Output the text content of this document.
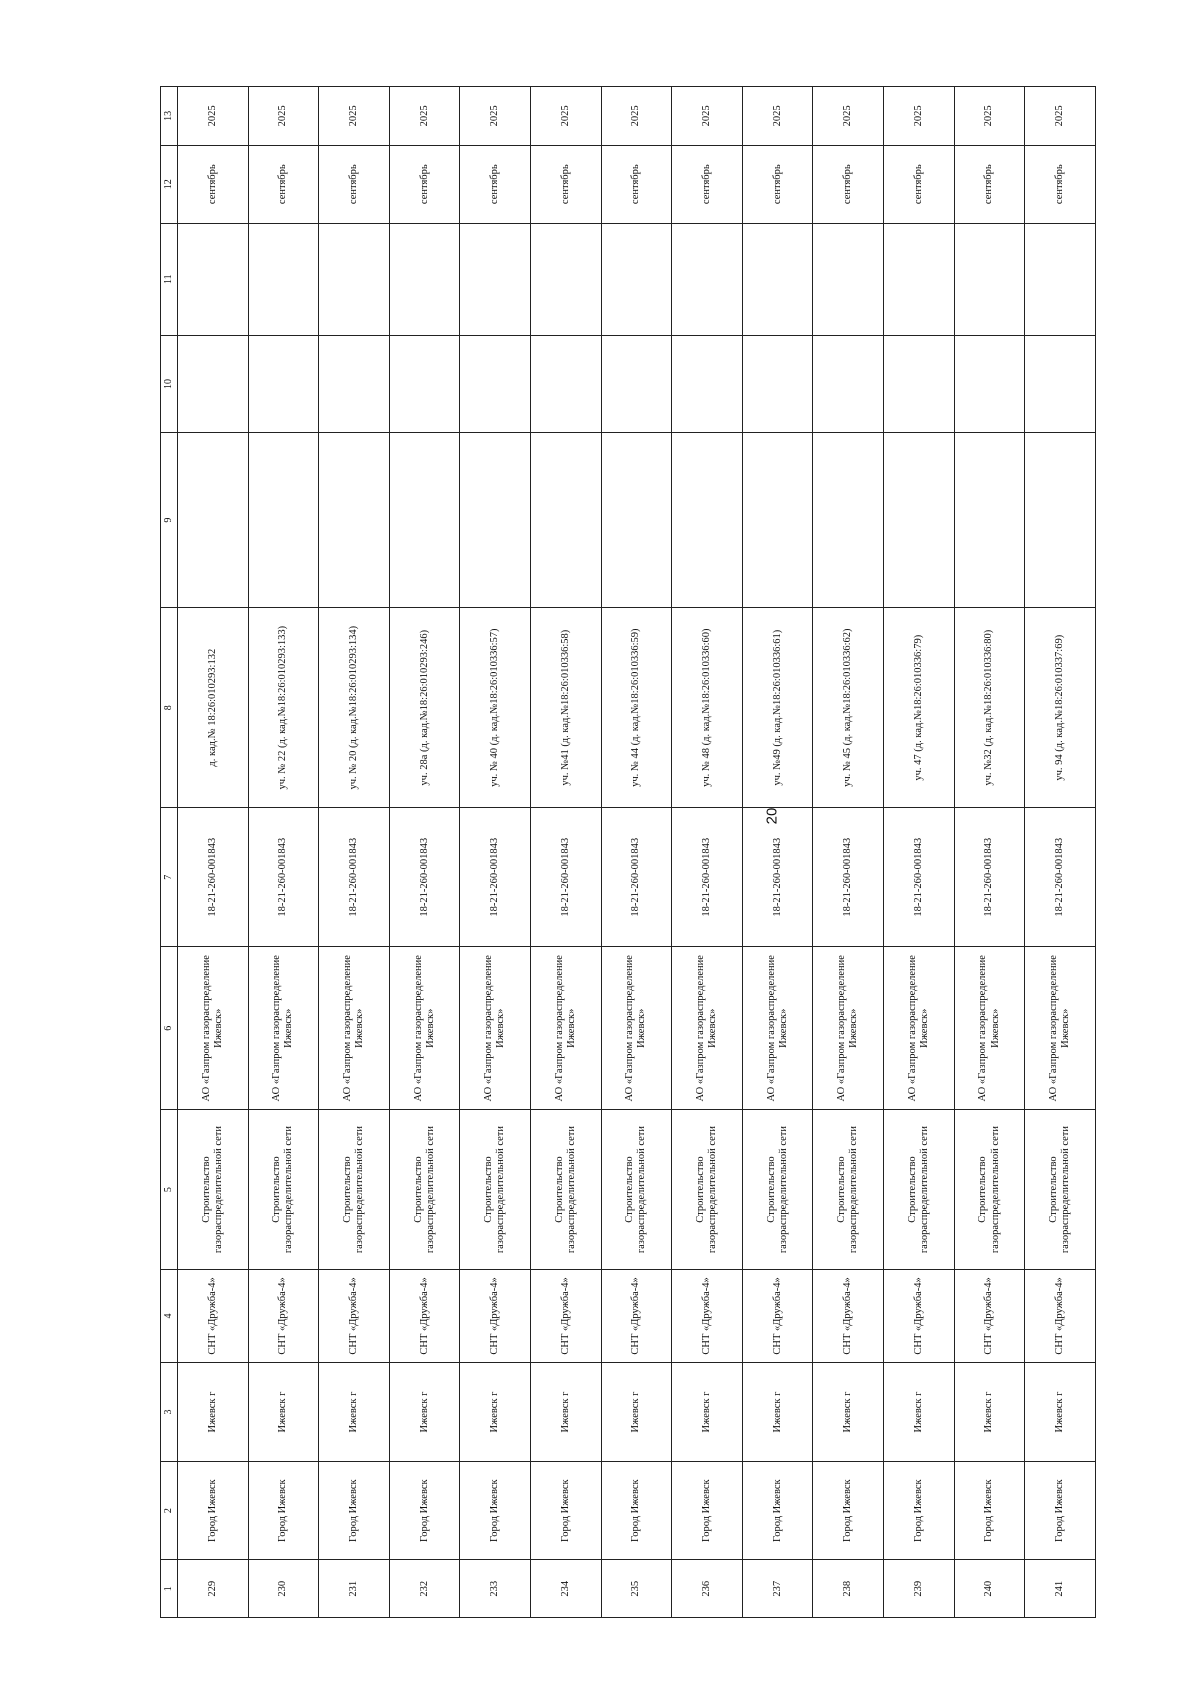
20
1	2	3	4	5	6	7	8	9	10	11	12	13
229	Город Ижевск	Ижевск г	СНТ «Дружба-4»	Строительство газораспределительной сети	АО «Газпром газораспределение Ижевск»	18-21-260-001843	д. кад.№ 18:26:010293:132				сентябрь	2025
230	Город Ижевск	Ижевск г	СНТ «Дружба-4»	Строительство газораспределительной сети	АО «Газпром газораспределение Ижевск»	18-21-260-001843	уч. № 22 (д. кад.№18:26:010293:133)				сентябрь	2025
231	Город Ижевск	Ижевск г	СНТ «Дружба-4»	Строительство газораспределительной сети	АО «Газпром газораспределение Ижевск»	18-21-260-001843	уч. № 20 (д. кад.№18:26:010293:134)				сентябрь	2025
232	Город Ижевск	Ижевск г	СНТ «Дружба-4»	Строительство газораспределительной сети	АО «Газпром газораспределение Ижевск»	18-21-260-001843	уч. 28а (д. кад.№18:26:010293:246)				сентябрь	2025
233	Город Ижевск	Ижевск г	СНТ «Дружба-4»	Строительство газораспределительной сети	АО «Газпром газораспределение Ижевск»	18-21-260-001843	уч. № 40 (д. кад.№18:26:010336:57)				сентябрь	2025
234	Город Ижевск	Ижевск г	СНТ «Дружба-4»	Строительство газораспределительной сети	АО «Газпром газораспределение Ижевск»	18-21-260-001843	уч. №41 (д. кад.№18:26:010336:58)				сентябрь	2025
235	Город Ижевск	Ижевск г	СНТ «Дружба-4»	Строительство газораспределительной сети	АО «Газпром газораспределение Ижевск»	18-21-260-001843	уч. № 44 (д. кад.№18:26:010336:59)				сентябрь	2025
236	Город Ижевск	Ижевск г	СНТ «Дружба-4»	Строительство газораспределительной сети	АО «Газпром газораспределение Ижевск»	18-21-260-001843	уч. № 48 (д. кад.№18:26:010336:60)				сентябрь	2025
237	Город Ижевск	Ижевск г	СНТ «Дружба-4»	Строительство газораспределительной сети	АО «Газпром газораспределение Ижевск»	18-21-260-001843	уч. №49 (д. кад.№18:26:010336:61)				сентябрь	2025
238	Город Ижевск	Ижевск г	СНТ «Дружба-4»	Строительство газораспределительной сети	АО «Газпром газораспределение Ижевск»	18-21-260-001843	уч. № 45 (д. кад.№18:26:010336:62)				сентябрь	2025
239	Город Ижевск	Ижевск г	СНТ «Дружба-4»	Строительство газораспределительной сети	АО «Газпром газораспределение Ижевск»	18-21-260-001843	уч. 47 (д. кад.№18:26:010336:79)				сентябрь	2025
240	Город Ижевск	Ижевск г	СНТ «Дружба-4»	Строительство газораспределительной сети	АО «Газпром газораспределение Ижевск»	18-21-260-001843	уч. №32 (д. кад.№18:26:010336:80)				сентябрь	2025
241	Город Ижевск	Ижевск г	СНТ «Дружба-4»	Строительство газораспределительной сети	АО «Газпром газораспределение Ижевск»	18-21-260-001843	уч. 94 (д. кад.№18:26:010337:69)				сентябрь	2025
